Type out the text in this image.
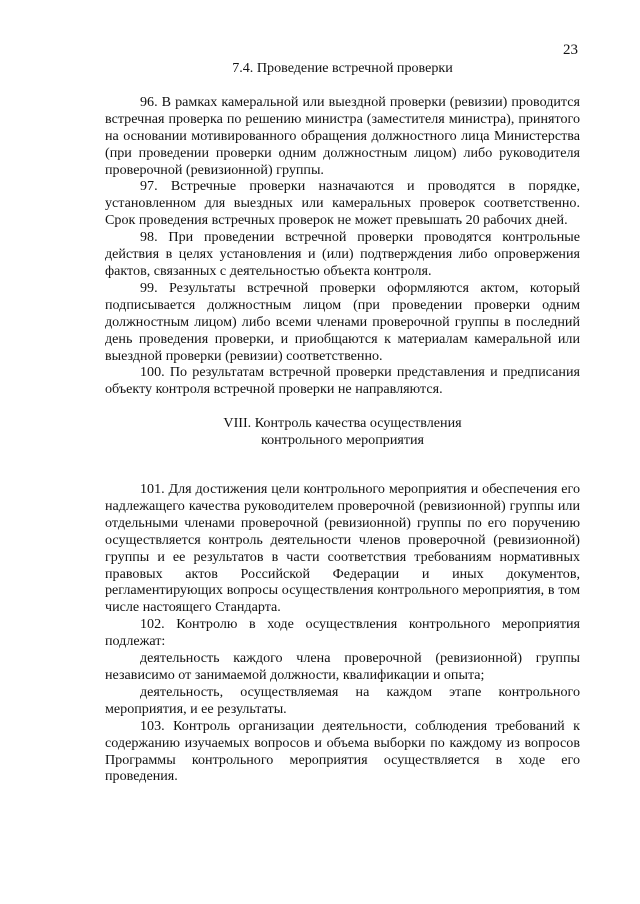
23

7.4. Проведение встречной проверки

96. В рамках камеральной или выездной проверки (ревизии) проводится встречная проверка по решению министра (заместителя министра), принятого на основании мотивированного обращения должностного лица Министерства (при проведении проверки одним должностным лицом) либо руководителя проверочной (ревизионной) группы.

97. Встречные проверки назначаются и проводятся в порядке, установленном для выездных или камеральных проверок соответственно. Срок проведения встречных проверок не может превышать 20 рабочих дней.

98. При проведении встречной проверки проводятся контрольные действия в целях установления и (или) подтверждения либо опровержения фактов, связанных с деятельностью объекта контроля.

99. Результаты встречной проверки оформляются актом, который подписывается должностным лицом (при проведении проверки одним должностным лицом) либо всеми членами проверочной группы в последний день проведения проверки, и приобщаются к материалам камеральной или выездной проверки (ревизии) соответственно.

100. По результатам встречной проверки представления и предписания объекту контроля встречной проверки не направляются.

VIII. Контроль качества осуществления
контрольного мероприятия

101. Для достижения цели контрольного мероприятия и обеспечения его надлежащего качества руководителем проверочной (ревизионной) группы или отдельными членами проверочной (ревизионной) группы по его поручению осуществляется контроль деятельности членов проверочной (ревизионной) группы и ее результатов в части соответствия требованиям нормативных правовых актов Российской Федерации и иных документов, регламентирующих вопросы осуществления контрольного мероприятия, в том числе настоящего Стандарта.

102. Контролю в ходе осуществления контрольного мероприятия подлежат:

деятельность каждого члена проверочной (ревизионной) группы независимо от занимаемой должности, квалификации и опыта;

деятельность, осуществляемая на каждом этапе контрольного мероприятия, и ее результаты.

103. Контроль организации деятельности, соблюдения требований к содержанию изучаемых вопросов и объема выборки по каждому из вопросов Программы контрольного мероприятия осуществляется в ходе его проведения.
